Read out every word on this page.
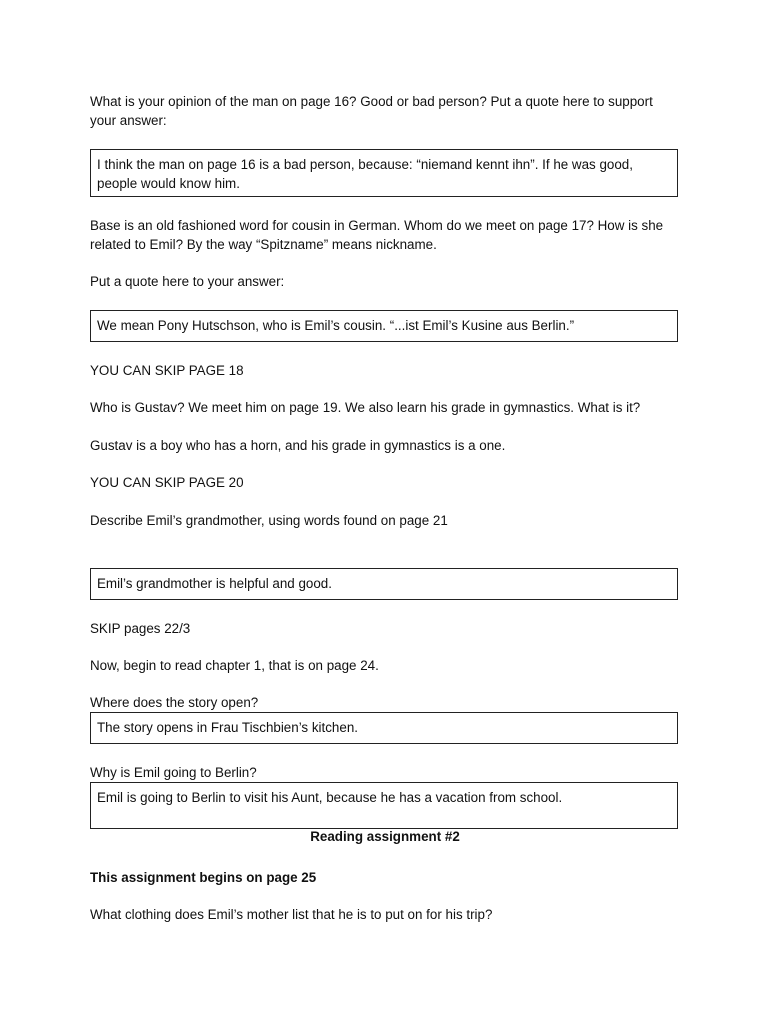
What is your opinion of the man on page 16? Good or bad person? Put a quote here to support your answer:

I think the man on page 16 is a bad person, because: “niemand kennt ihn”. If he was good, people would know him.

Base is an old fashioned word for cousin in German. Whom do we meet on page 17? How is she related to Emil? By the way “Spitzname” means nickname.

Put a quote here to your answer:

We mean Pony Hutschson, who is Emil’s cousin. “...ist Emil’s Kusine aus Berlin.”

YOU CAN SKIP PAGE 18

Who is Gustav? We meet him on page 19. We also learn his grade in gymnastics. What is it?

Gustav is a boy who has a horn, and his grade in gymnastics is a one.

YOU CAN SKIP PAGE 20

Describe Emil’s grandmother, using words found on page 21

Emil’s grandmother is helpful and good.

SKIP pages 22/3

Now, begin to read chapter 1, that is on page 24.

Where does the story open?

The story opens in Frau Tischbien’s kitchen.

Why is Emil going to Berlin?

Emil is going to Berlin to visit his Aunt, because he has a vacation from school.
Reading assignment #2

This assignment begins on page 25

What clothing does Emil’s mother list that he is to put on for his trip?
